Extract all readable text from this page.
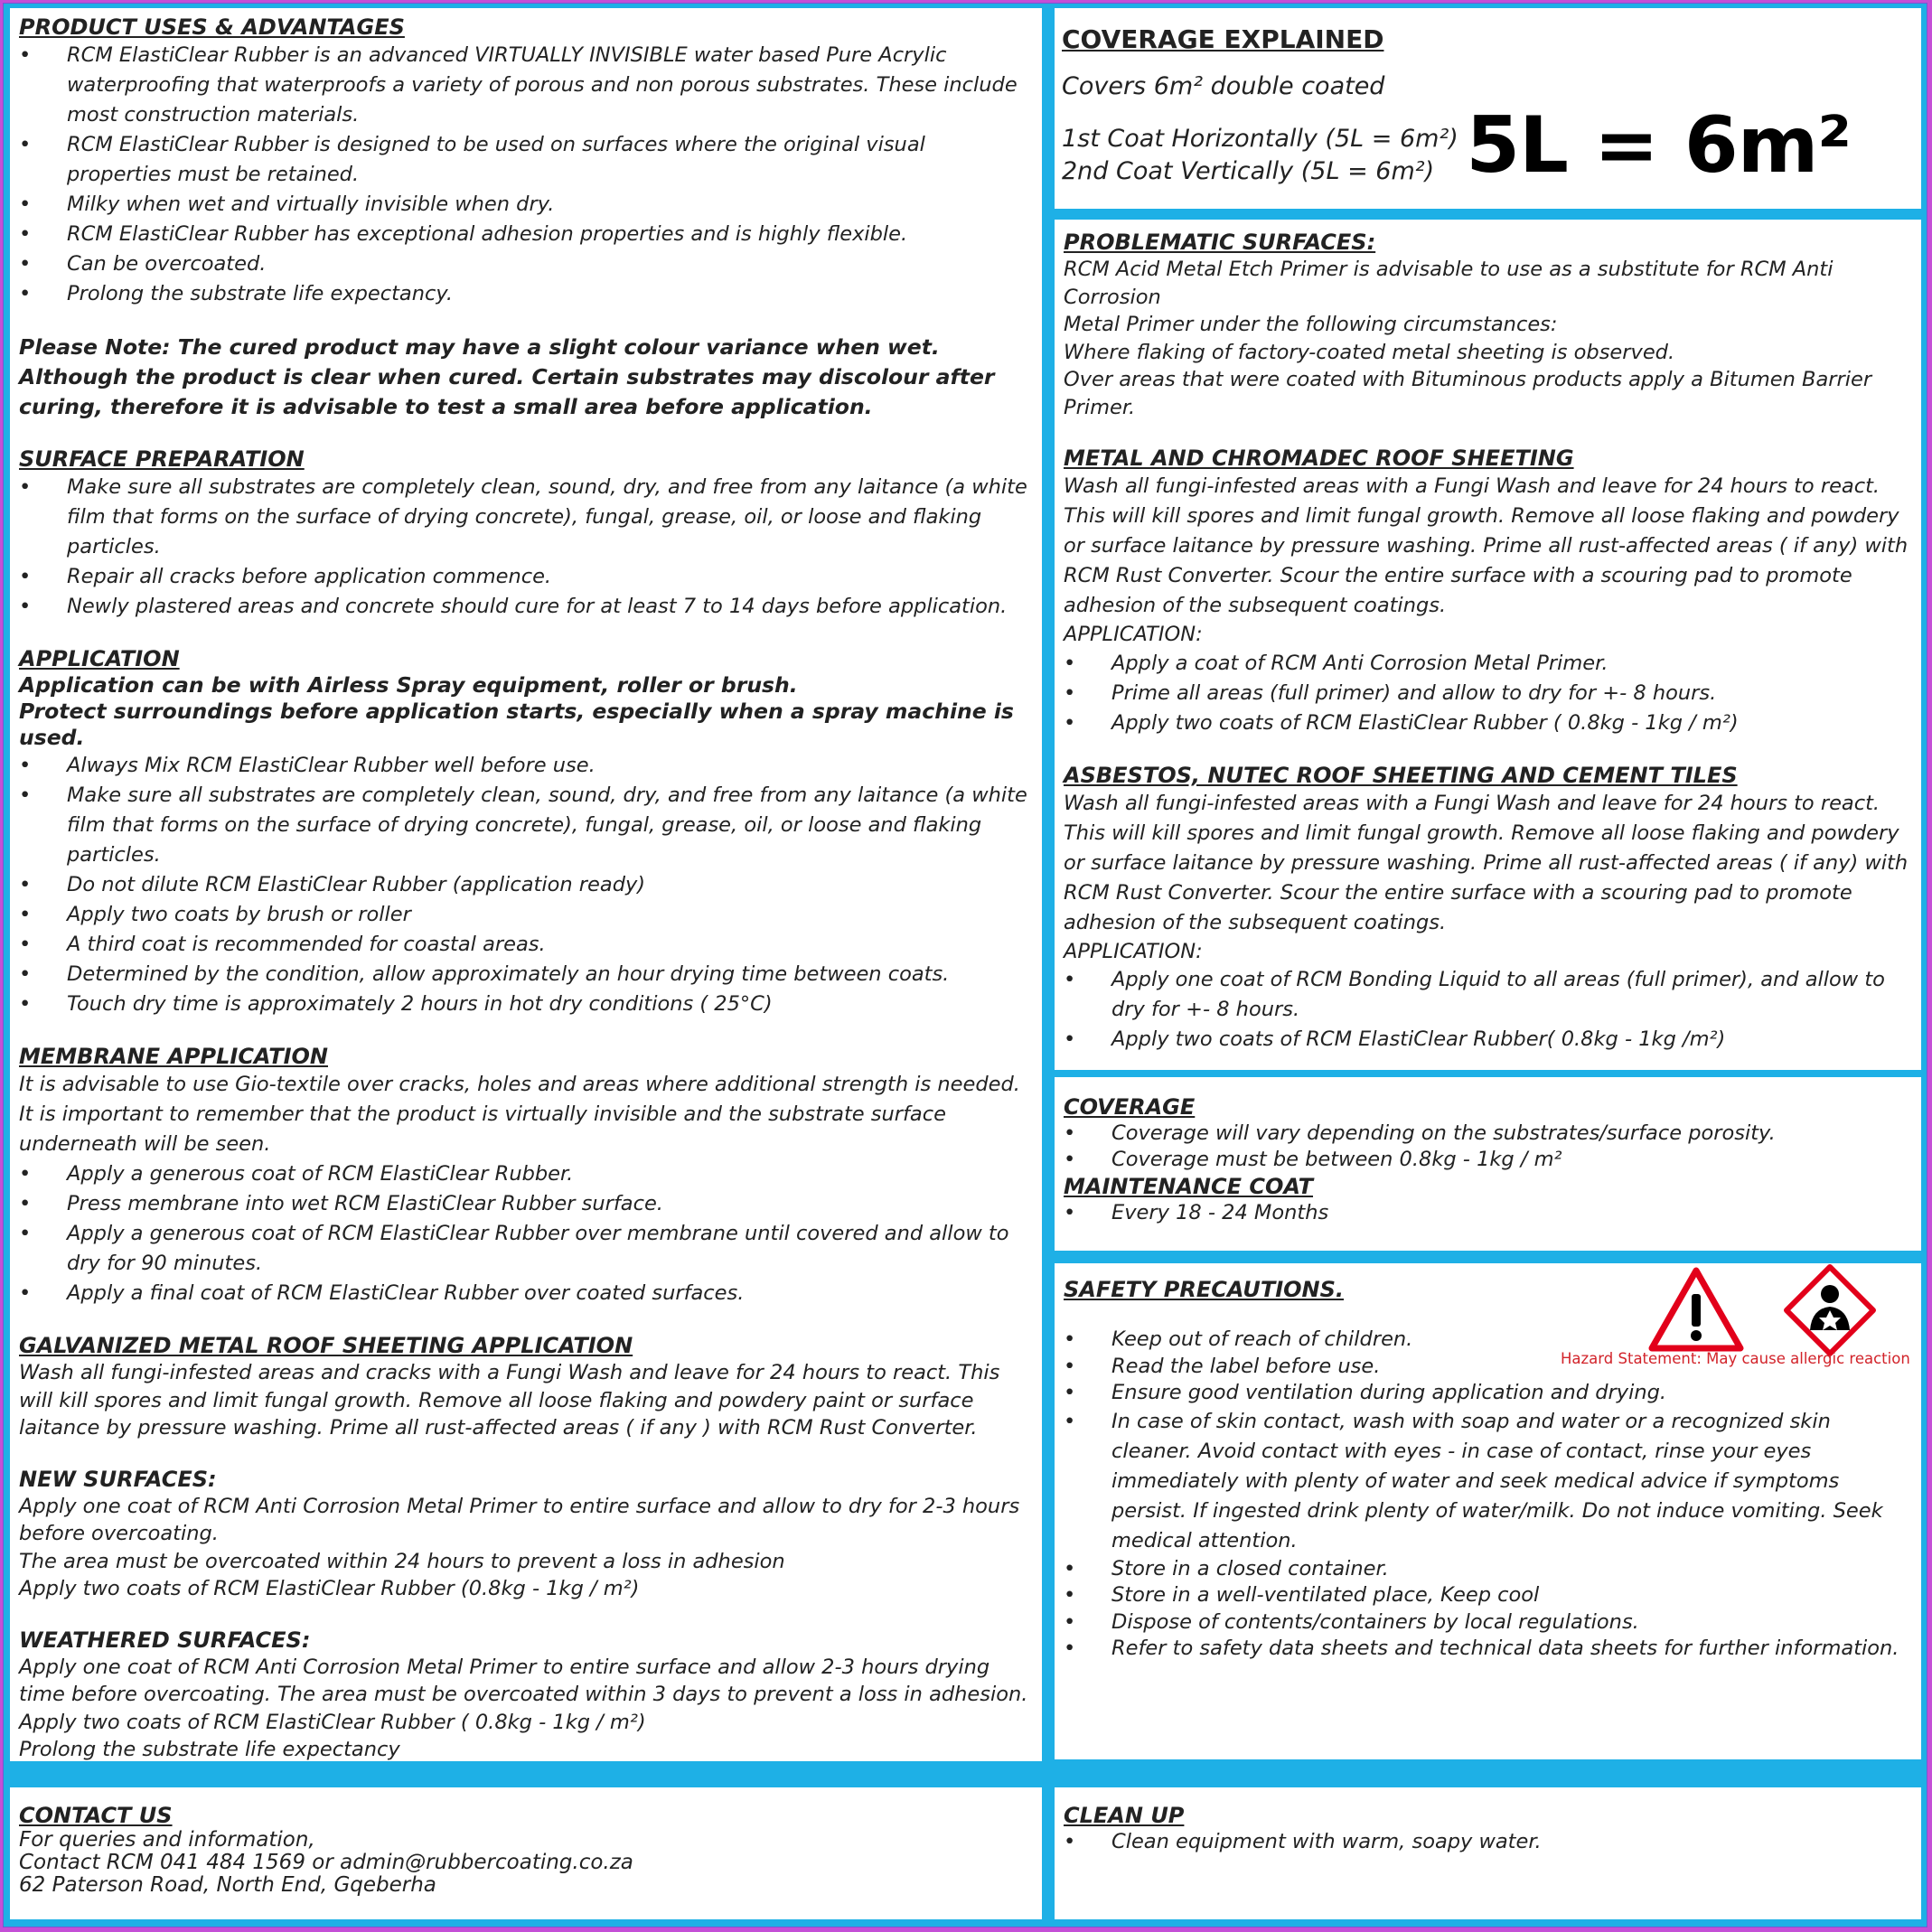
PRODUCT USES & ADVANTAGES

• RCM ElastiClear Rubber is an advanced VIRTUALLY INVISIBLE water based Pure Acrylic waterproofing that waterproofs a variety of porous and non porous substrates. These include most construction materials.
• RCM ElastiClear Rubber is designed to be used on surfaces where the original visual properties must be retained.
• Milky when wet and virtually invisible when dry.
• RCM ElastiClear Rubber has exceptional adhesion properties and is highly flexible.
• Can be overcoated.
• Prolong the substrate life expectancy.

Please Note: The cured product may have a slight colour variance when wet. Although the product is clear when cured. Certain substrates may discolour after curing, therefore it is advisable to test a small area before application.

SURFACE PREPARATION

• Make sure all substrates are completely clean, sound, dry, and free from any laitance (a white film that forms on the surface of drying concrete), fungal, grease, oil, or loose and flaking particles.
• Repair all cracks before application commence.
• Newly plastered areas and concrete should cure for at least 7 to 14 days before application.

APPLICATION

Application can be with Airless Spray equipment, roller or brush.

Protect surroundings before application starts, especially when a spray machine is used.

• Always Mix RCM ElastiClear Rubber well before use.
• Make sure all substrates are completely clean, sound, dry, and free from any laitance (a white film that forms on the surface of drying concrete), fungal, grease, oil, or loose and flaking particles.
• Do not dilute RCM ElastiClear Rubber (application ready)
• Apply two coats by brush or roller
• A third coat is recommended for coastal areas.
• Determined by the condition, allow approximately an hour drying time between coats.
• Touch dry time is approximately 2 hours in hot dry conditions ( 25°C)

MEMBRANE APPLICATION

It is advisable to use Gio-textile over cracks, holes and areas where additional strength is needed. It is important to remember that the product is virtually invisible and the substrate surface underneath will be seen.

• Apply a generous coat of RCM ElastiClear Rubber.
• Press membrane into wet RCM ElastiClear Rubber surface.
• Apply a generous coat of RCM ElastiClear Rubber over membrane until covered and allow to dry for 90 minutes.
• Apply a final coat of RCM ElastiClear Rubber over coated surfaces.

GALVANIZED METAL ROOF SHEETING APPLICATION

Wash all fungi-infested areas and cracks with a Fungi Wash and leave for 24 hours to react. This will kill spores and limit fungal growth. Remove all loose flaking and powdery paint or surface laitance by pressure washing. Prime all rust-affected areas ( if any ) with RCM Rust Converter.

NEW SURFACES:

Apply one coat of RCM Anti Corrosion Metal Primer to entire surface and allow to dry for 2-3 hours before overcoating.

The area must be overcoated within 24 hours to prevent a loss in adhesion

Apply two coats of RCM ElastiClear Rubber (0.8kg - 1kg / m²)

WEATHERED SURFACES:

Apply one coat of RCM Anti Corrosion Metal Primer to entire surface and allow 2-3 hours drying time before overcoating. The area must be overcoated within 3 days to prevent a loss in adhesion.

Apply two coats of RCM ElastiClear Rubber ( 0.8kg - 1kg / m²)

Prolong the substrate life expectancy

COVERAGE EXPLAINED

Covers 6m² double coated

1st Coat Horizontally (5L = 6m²)

2nd Coat Vertically (5L = 6m²) 5L = 6m²

PROBLEMATIC SURFACES:

RCM Acid Metal Etch Primer is advisable to use as a substitute for RCM Anti Corrosion

Metal Primer under the following circumstances:

Where flaking of factory-coated metal sheeting is observed.

Over areas that were coated with Bituminous products apply a Bitumen Barrier Primer.

METAL AND CHROMADEC ROOF SHEETING

Wash all fungi-infested areas with a Fungi Wash and leave for 24 hours to react. This will kill spores and limit fungal growth. Remove all loose flaking and powdery or surface laitance by pressure washing. Prime all rust-affected areas ( if any) with RCM Rust Converter. Scour the entire surface with a scouring pad to promote adhesion of the subsequent coatings.

APPLICATION:

• Apply a coat of RCM Anti Corrosion Metal Primer.
• Prime all areas (full primer) and allow to dry for +- 8 hours.
• Apply two coats of RCM ElastiClear Rubber ( 0.8kg - 1kg / m²)

ASBESTOS, NUTEC ROOF SHEETING AND CEMENT TILES

Wash all fungi-infested areas with a Fungi Wash and leave for 24 hours to react. This will kill spores and limit fungal growth. Remove all loose flaking and powdery or surface laitance by pressure washing. Prime all rust-affected areas ( if any) with RCM Rust Converter. Scour the entire surface with a scouring pad to promote adhesion of the subsequent coatings.

APPLICATION:

• Apply one coat of RCM Bonding Liquid to all areas (full primer), and allow to dry for +- 8 hours.
• Apply two coats of RCM ElastiClear Rubber( 0.8kg - 1kg /m²)

COVERAGE

• Coverage will vary depending on the substrates/surface porosity.
• Coverage must be between 0.8kg - 1kg / m²

MAINTENANCE COAT

• Every 18 - 24 Months

SAFETY PRECAUTIONS.

• Keep out of reach of children.
• Read the label before use.
• Ensure good ventilation during application and drying.
• In case of skin contact, wash with soap and water or a recognized skin cleaner. Avoid contact with eyes - in case of contact, rinse your eyes immediately with plenty of water and seek medical advice if symptoms persist. If ingested drink plenty of water/milk. Do not induce vomiting. Seek medical attention.
• Store in a closed container.
• Store in a well-ventilated place, Keep cool
• Dispose of contents/containers by local regulations.
• Refer to safety data sheets and technical data sheets for further information.
Hazard Statement: May cause allergic reaction

CONTACT US

For queries and information,

Contact RCM 041 484 1569 or admin@rubbercoating.co.za

62 Paterson Road, North End, Gqeberha

CLEAN UP

• Clean equipment with warm, soapy water.
